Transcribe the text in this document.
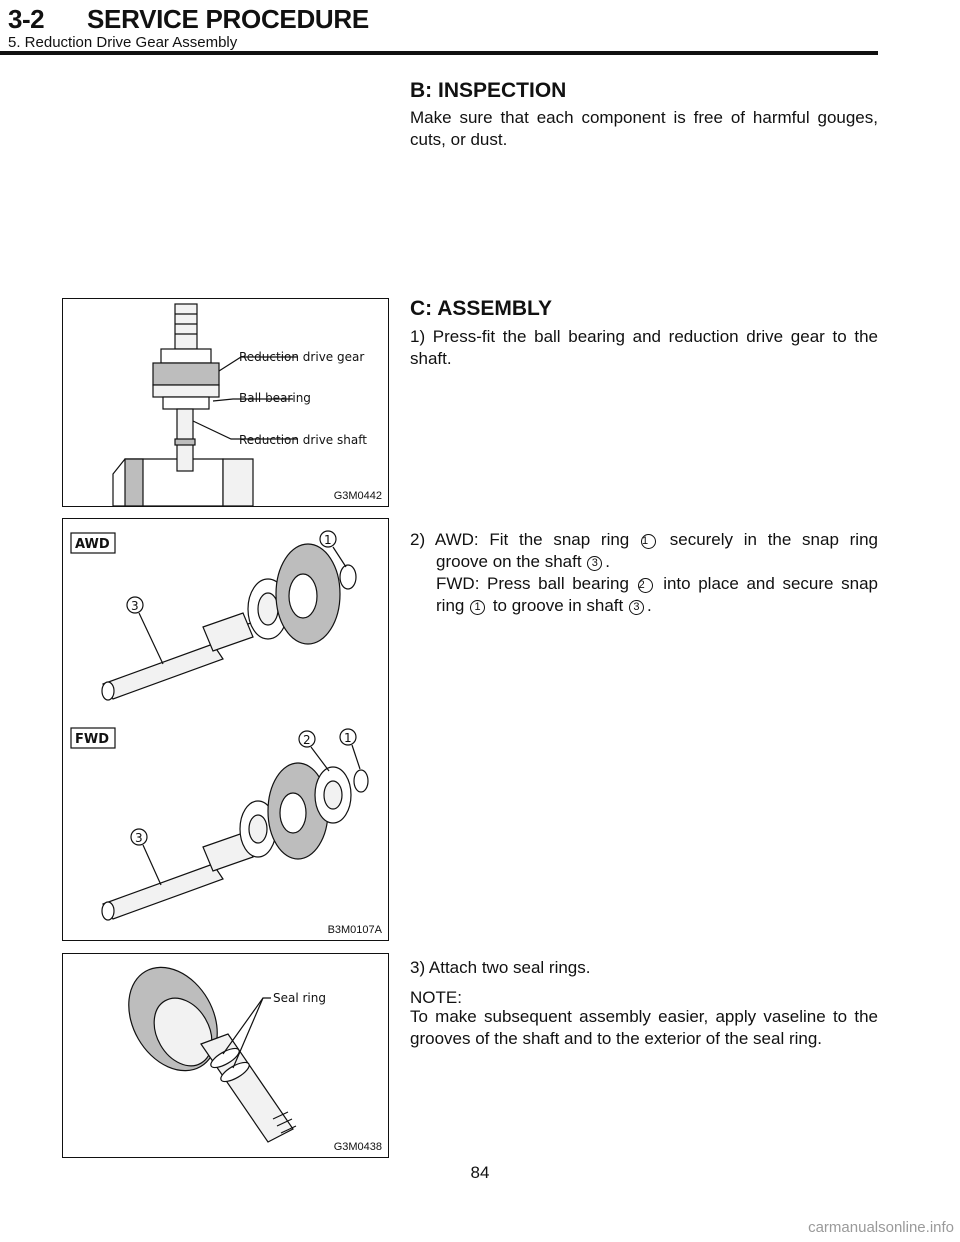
3-2 SERVICE PROCEDURE
5. Reduction Drive Gear Assembly
B: INSPECTION
Make sure that each component is free of harmful gouges, cuts, or dust.
C: ASSEMBLY
1) Press-fit the ball bearing and reduction drive gear to the shaft.
2) AWD: Fit the snap ring 1 securely in the snap ring
groove on the shaft 3 .
FWD: Press ball bearing 2 into place and secure snap
ring 1 to groove in shaft 3 .
3) Attach two seal rings.
NOTE:
To make subsequent assembly easier, apply vaseline to the grooves of the shaft and to the exterior of the seal ring.
Reduction drive gear
Ball bearing
Reduction drive shaft
G3M0442
AWD	1
3
FWD	2	1
3
B3M0107A
Seal ring
G3M0438
84
carmanualsonline.info
